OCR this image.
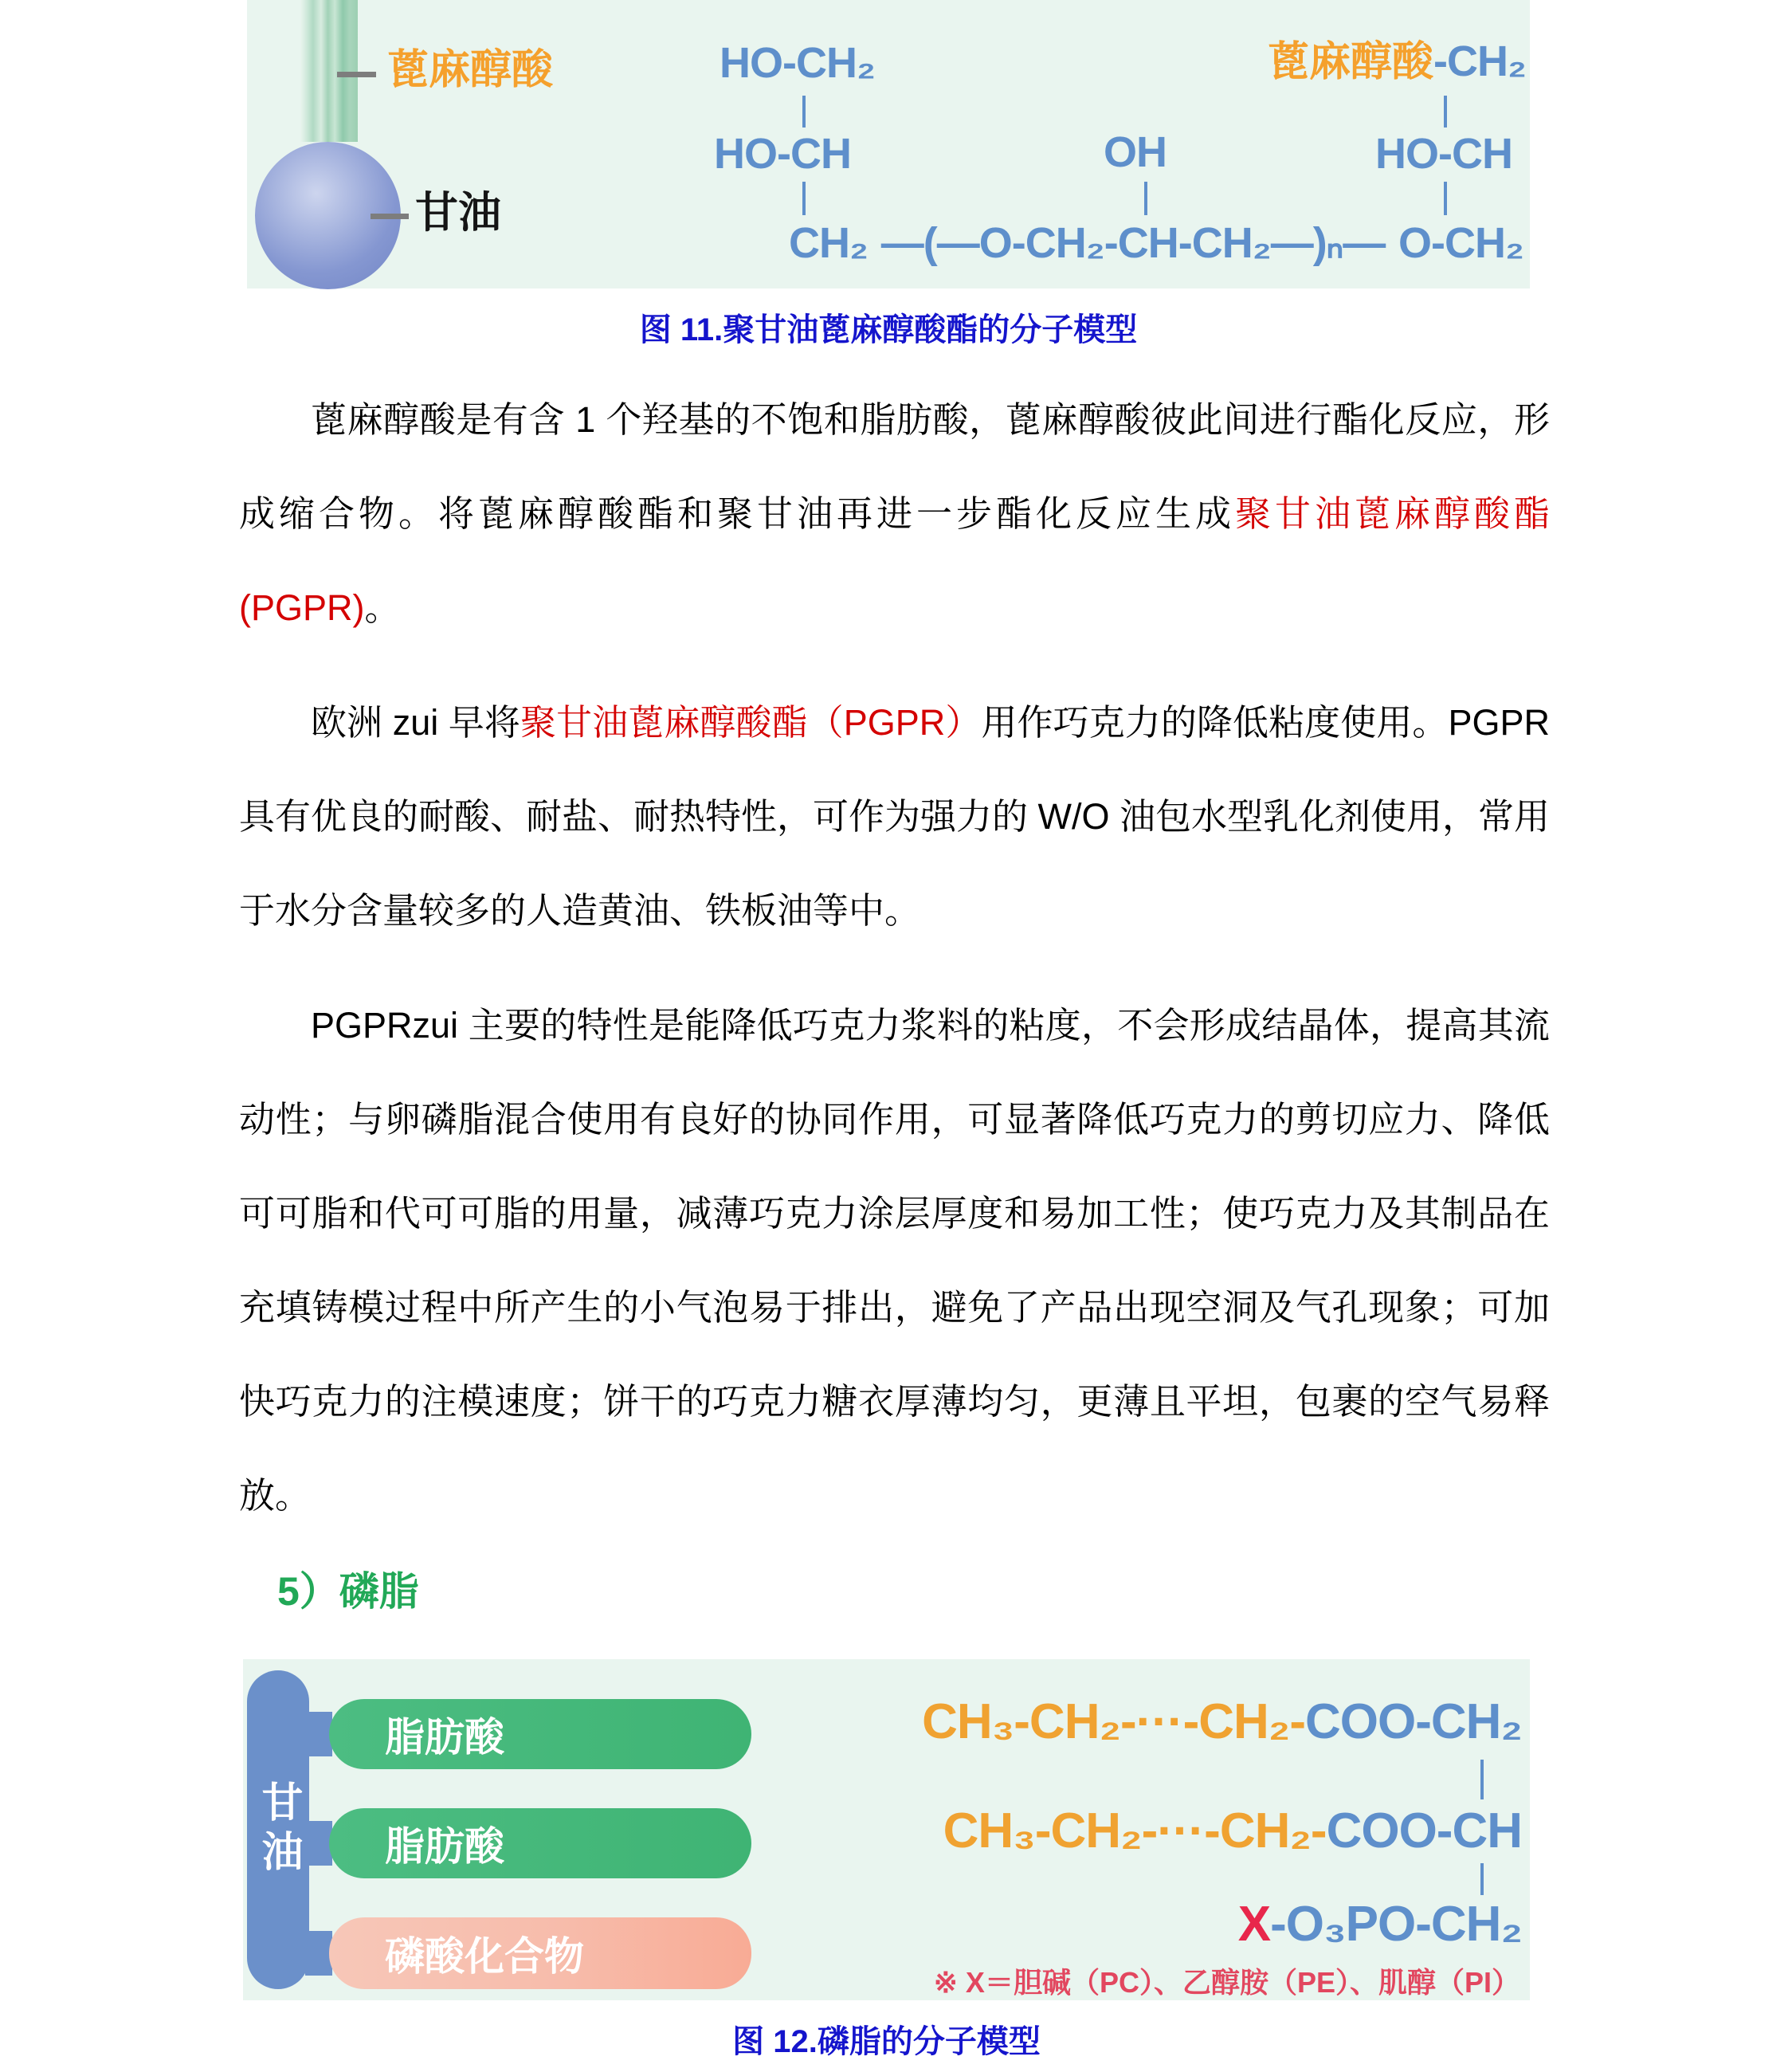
蓖麻醇酸
甘油
HO-CH₂
HO-CH	OH
CH₂ —(—O-CH₂-CH-CH₂—)ₙ— O-CH₂
蓖麻醇酸 -CH₂
HO-CH
图 11.聚甘油蓖麻醇酸酯的分子模型

蓖麻醇酸是有含 1 个羟基的不饱和脂肪酸，蓖麻醇酸彼此间进行酯化反应，形成缩合物。将蓖麻醇酸酯和聚甘油再进一步酯化反应生成聚甘油蓖麻醇酸酯(PGPR)。

欧洲 zui 早将聚甘油蓖麻醇酸酯（PGPR）用作巧克力的降低粘度使用。PGPR 具有优良的耐酸、耐盐、耐热特性，可作为强力的 W/O 油包水型乳化剂使用，常用于水分含量较多的人造黄油、铁板油等中。

PGPRzui 主要的特性是能降低巧克力浆料的粘度，不会形成结晶体，提高其流动性；与卵磷脂混合使用有良好的协同作用，可显著降低巧克力的剪切应力、降低可可脂和代可可脂的用量，减薄巧克力涂层厚度和易加工性；使巧克力及其制品在充填铸模过程中所产生的小气泡易于排出，避免了产品出现空洞及气孔现象；可加快巧克力的注模速度；饼干的巧克力糖衣厚薄均匀，更薄且平坦，包裹的空气易释放。

5）磷脂
甘油
脂肪酸
脂肪酸
磷酸化合物
CH₃-CH₂-···-CH₂-COO-CH₂
CH₃-CH₂-···-CH₂-COO-CH
X-O₃PO-CH₂
※ X＝胆碱（PC）、乙醇胺（PE）、肌醇（PI）
图 12.磷脂的分子模型
